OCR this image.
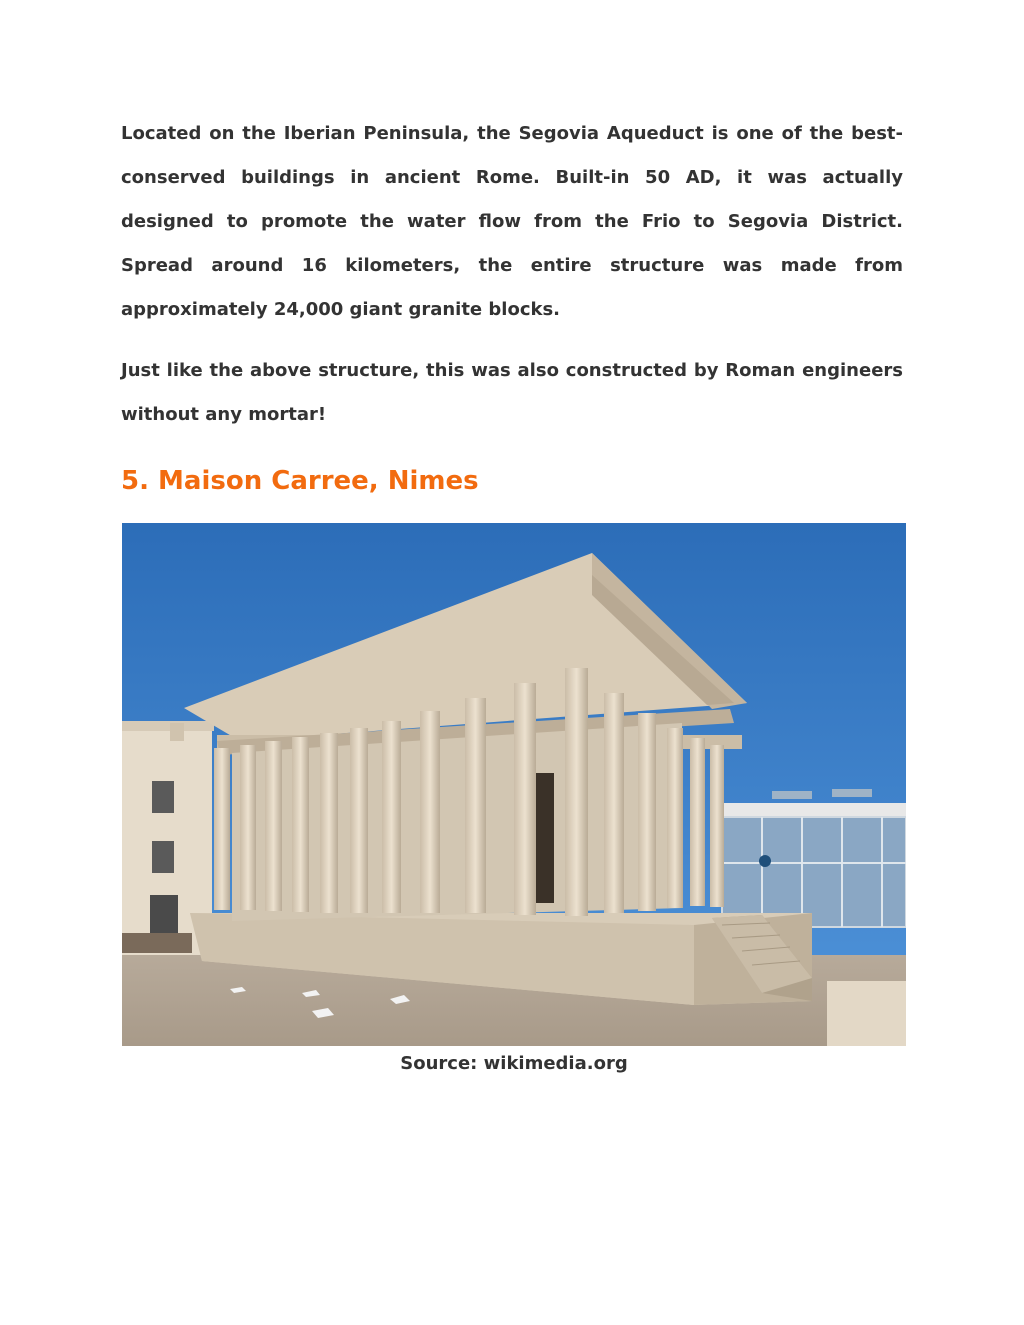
Located on the Iberian Peninsula, the Segovia Aqueduct is one of the best-conserved buildings in ancient Rome. Built-in 50 AD, it was actually designed to promote the water flow from the Frio to Segovia District. Spread around 16 kilometers, the entire structure was made from approximately 24,000 giant granite blocks.

Just like the above structure, this was also constructed by Roman engineers without any mortar!

5. Maison Carree, Nimes
Source: wikimedia.org
